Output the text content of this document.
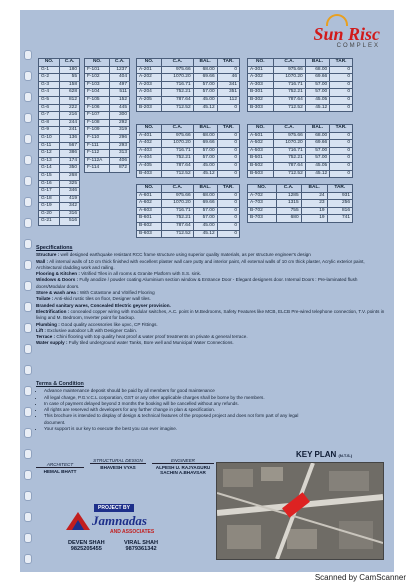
Sun Risc
COMPLEX
NO.	C.A.
G-1	180
G-2	55
G-3	158
G-4	628
G-5	812
G-6	222
G-7	216
G-8	244
G-9	241
G-10	136
G-11	567
G-12	386
G-13	174
G-14	350
G-15	268
G-16	325
G-17	346
G-18	419
G-19	342
G-20	316
G-21	516
NO.	C.A.
F-101	1237
F-102	404
F-103	497
F-104	511
F-105	152
F-106	445
F-107	300
F-108	292
F-109	319
F-110	296
F-111	293
F-112	313
F-112A	406
F-114	872
NO.	C.A.	BAL.	TAR.
A-201	975.66	68.00	0
A-202	1070.20	69.66	46
A-203	716.71	57.00	341
A-204	752.21	57.00	351
A-205	787.64	45.00	112
B-203	712.52	45.12	0
NO.	C.A.	BAL.	TAR.
A-401	975.66	68.00	0
A-402	1070.20	69.66	0
A-403	716.71	57.00	0
A-404	752.21	57.00	0
A-405	787.64	45.00	0
B-403	712.52	45.12	0
NO.	C.A.	BAL.	TAR.
A-601	975.66	68.00	0
A-602	1070.20	69.66	0
A-603	716.71	57.00	0
B-601	752.21	57.00	0
B-602	787.64	45.00	0
B-603	712.52	45.12	0
NO.	C.A.	BAL.	TAR.
A-301	975.66	68.00	0
A-302	1070.20	69.66	0
A-303	716.71	57.00	0
B-301	752.21	57.00	0
B-302	787.64	45.05	0
B-303	712.52	45.12	0
NO.	C.A.	BAL.	TAR.
A-501	975.66	68.00	0
A-502	1070.20	69.66	0
A-503	716.71	57.00	0
B-501	752.21	57.00	0
B-502	787.64	45.05	0
B-503	712.52	45.12	0
NO.	C.A.	BAL.	TAR.
A-702	1285	24	931
A-703	1315	23	256
B-702	755	19	816
B-703	680	19	741
Specifications

Structure : well designed earthquake resistant RCC frame structure using superior quality materials, as per structure engineer's design

Wall : All internal walls of 10 cm thick finished with excellent plaster wall care putty and interior paint, All external walls of 10 cm thick plaster, Acrylic exterior paint, Architectural cladding work and railing.

Flooring & Kitchen : Vitrified Tiles in all rooms & Granite Platform with S.S. sink.

Windows & Doors : Fully anodize / powder coating Aluminium section window & Entrance Door - Elegant designers door. Internal Doors : Pre-laminated flush doors/Modular doors.

Store & wash area : With Cotastone and Vitrified Flooring

Toilate : Anti-skid rustic tiles on floor, Designer wall tiles.

Branded sanitary wares, Concealed Electric geyser provision.

Electrification : concealed copper wiring with modular switches, A.C. point in M.Bedrooms, Safety Features like MCB, ELCB Pre-wired telephone connection, T.V. points in living and M. Bedroom, Inverter point for backup.

Plumbing : Good quality accessories like upvc, CP Fittings.

Lift : Exclusive autodoor Lift with Designer Cabin.

Terrace : Chini flooring with top quality heat proof & water proof treatments on private & general terrace.

Water supply : Fully tiled underground water Tanks, Bore well and Municipal Water Connections.

Terms & Condition
• Advance maintenance deposit should be paid by all members for good maintenance
• All legal charge, P.G.V.C.L corporation, GST or any other applicable charges shall be borne by the members.
• In case of payment delayed beyond 3 months the booking will be cancelled without any refunds.
• All rights are reserved with developers for any further change in plan & specification.
• This brochure is intended to display of design & technical features of the proposed project and does not form part of any legal document.
• Your support is our key to execute the best you can ever imagine.
KEY PLAN (N.T.S.)
ARCHITECT
HEMAL BHATT
STRUCTURAL DESIGN
BHAVESH VYAS
ENGINEER
ALPESH U. RAJYAGURU SACHIN A.BHAVSAR
PROJECT BY
Jamnadas
AND ASSOCIATES
DEVEN SHAH
9825205455
VIRAL SHAH
9879361342
Scanned by CamScanner
